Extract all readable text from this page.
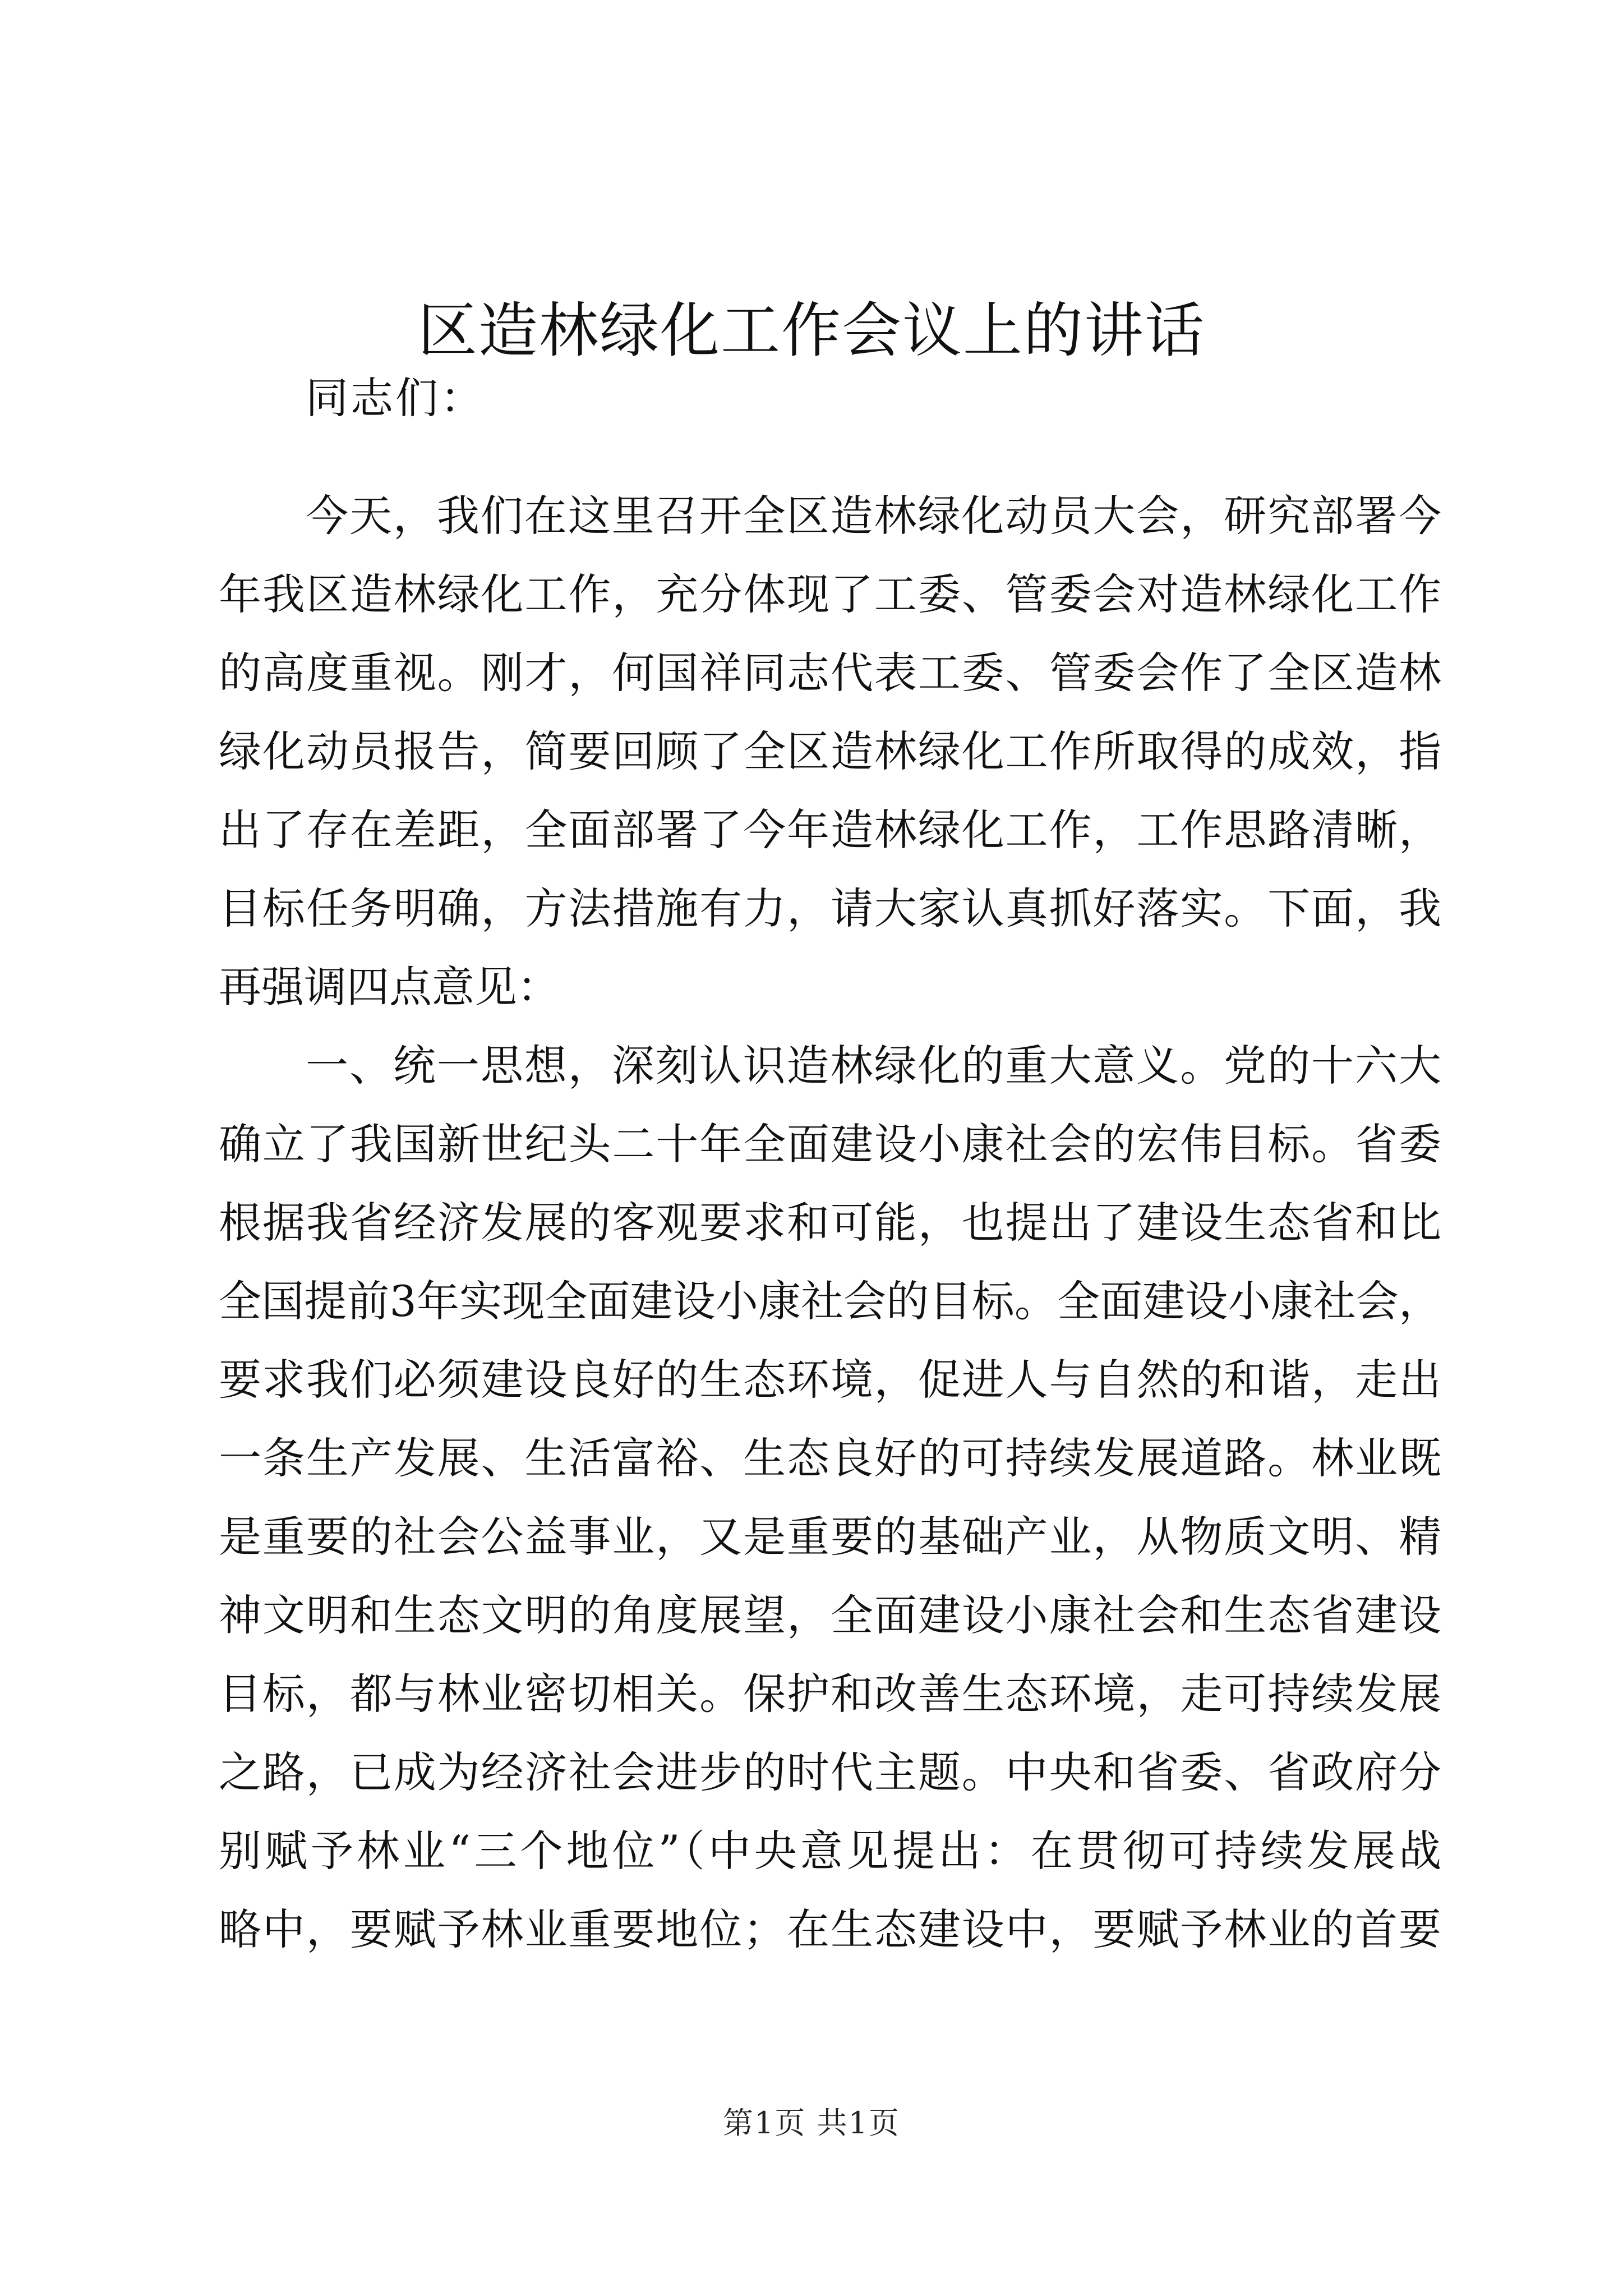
区造林绿化工作会议上的讲话
同志们：
今天，我们在这里召开全区造林绿化动员大会，研究部署今
年我区造林绿化工作，充分体现了工委、管委会对造林绿化工作
的高度重视。刚才，何国祥同志代表工委、管委会作了全区造林
绿化动员报告，简要回顾了全区造林绿化工作所取得的成效，指
出了存在差距，全面部署了今年造林绿化工作，工作思路清晰，
目标任务明确，方法措施有力，请大家认真抓好落实。下面，我
再强调四点意见：
一、统一思想，深刻认识造林绿化的重大意义。党的十六大
确立了我国新世纪头二十年全面建设小康社会的宏伟目标。省委
根据我省经济发展的客观要求和可能，也提出了建设生态省和比
全国提前3年实现全面建设小康社会的目标。全面建设小康社会，
要求我们必须建设良好的生态环境，促进人与自然的和谐，走出
一条生产发展、生活富裕、生态良好的可持续发展道路。林业既
是重要的社会公益事业，又是重要的基础产业，从物质文明、精
神文明和生态文明的角度展望，全面建设小康社会和生态省建设
目标，都与林业密切相关。保护和改善生态环境，走可持续发展
之路，已成为经济社会进步的时代主题。中央和省委、省政府分
别赋予林业“三个地位”（中央意见提出：在贯彻可持续发展战
略中，要赋予林业重要地位；在生态建设中，要赋予林业的首要
第1页 共1页
